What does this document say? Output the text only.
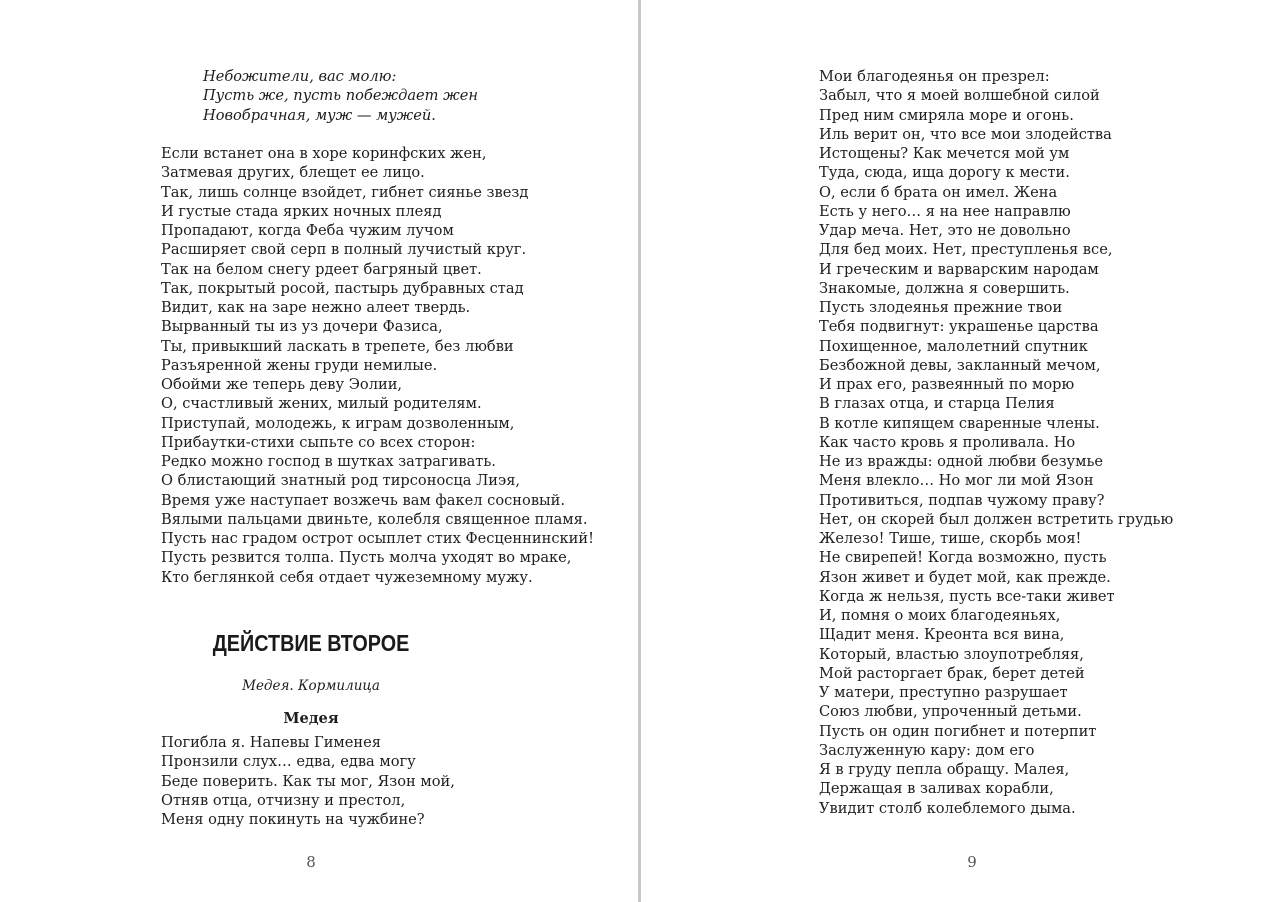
Небожители, вас молю:
Пусть же, пусть побеждает жен
Новобрачная, муж — мужей.
Если встанет она в хоре коринфских жен,
Затмевая других, блещет ее лицо.
Так, лишь солнце взойдет, гибнет сиянье звезд
И густые стада ярких ночных плеяд
Пропадают, когда Феба чужим лучом
Расширяет свой серп в полный лучистый круг.
Так на белом снегу рдеет багряный цвет.
Так, покрытый росой, пастырь дубравных стад
Видит, как на заре нежно алеет твердь.
Вырванный ты из уз дочери Фазиса,
Ты, привыкший ласкать в трепете, без любви
Разъяренной жены груди немилые.
Обойми же теперь деву Эолии,
О, счастливый жених, милый родителям.
Приступай, молодежь, к играм дозволенным,
Прибаутки-стихи сыпьте со всех сторон:
Редко можно господ в шутках затрагивать.
О блистающий знатный род тирсоносца Лиэя,
Время уже наступает возжечь вам факел сосновый.
Вялыми пальцами двиньте, колебля священное пламя.
Пусть нас градом острот осыплет стих Фесценнинский!
Пусть резвится толпа. Пусть молча уходят во мраке,
Кто беглянкой себя отдает чужеземному мужу.
ДЕЙСТВИЕ ВТОРОЕ
Медея. Кормилица
Медея
Погибла я. Напевы Гименея
Пронзили слух… едва, едва могу
Беде поверить. Как ты мог, Язон мой,
Отняв отца, отчизну и престол,
Меня одну покинуть на чужбине?
8
Мои благодеянья он презрел:
Забыл, что я моей волшебной силой
Пред ним смиряла море и огонь.
Иль верит он, что все мои злодейства
Истощены? Как мечется мой ум
Туда, сюда, ища дорогу к мести.
О, если б брата он имел. Жена
Есть у него… я на нее направлю
Удар меча. Нет, это не довольно
Для бед моих. Нет, преступленья все,
И греческим и варварским народам
Знакомые, должна я совершить.
Пусть злодеянья прежние твои
Тебя подвигнут: украшенье царства
Похищенное, малолетний спутник
Безбожной девы, закланный мечом,
И прах его, развеянный по морю
В глазах отца, и старца Пелия
В котле кипящем сваренные члены.
Как часто кровь я проливала. Но
Не из вражды: одной любви безумье
Меня влекло… Но мог ли мой Язон
Противиться, подпав чужому праву?
Нет, он скорей был должен встретить грудью
Железо! Тише, тише, скорбь моя!
Не свирепей! Когда возможно, пусть
Язон живет и будет мой, как прежде.
Когда ж нельзя, пусть все-таки живет
И, помня о моих благодеяньях,
Щадит меня. Креонта вся вина,
Который, властью злоупотребляя,
Мой расторгает брак, берет детей
У матери, преступно разрушает
Союз любви, упроченный детьми.
Пусть он один погибнет и потерпит
Заслуженную кару: дом его
Я в груду пепла обращу. Малея,
Держащая в заливах корабли,
Увидит столб колеблемого дыма.
9
